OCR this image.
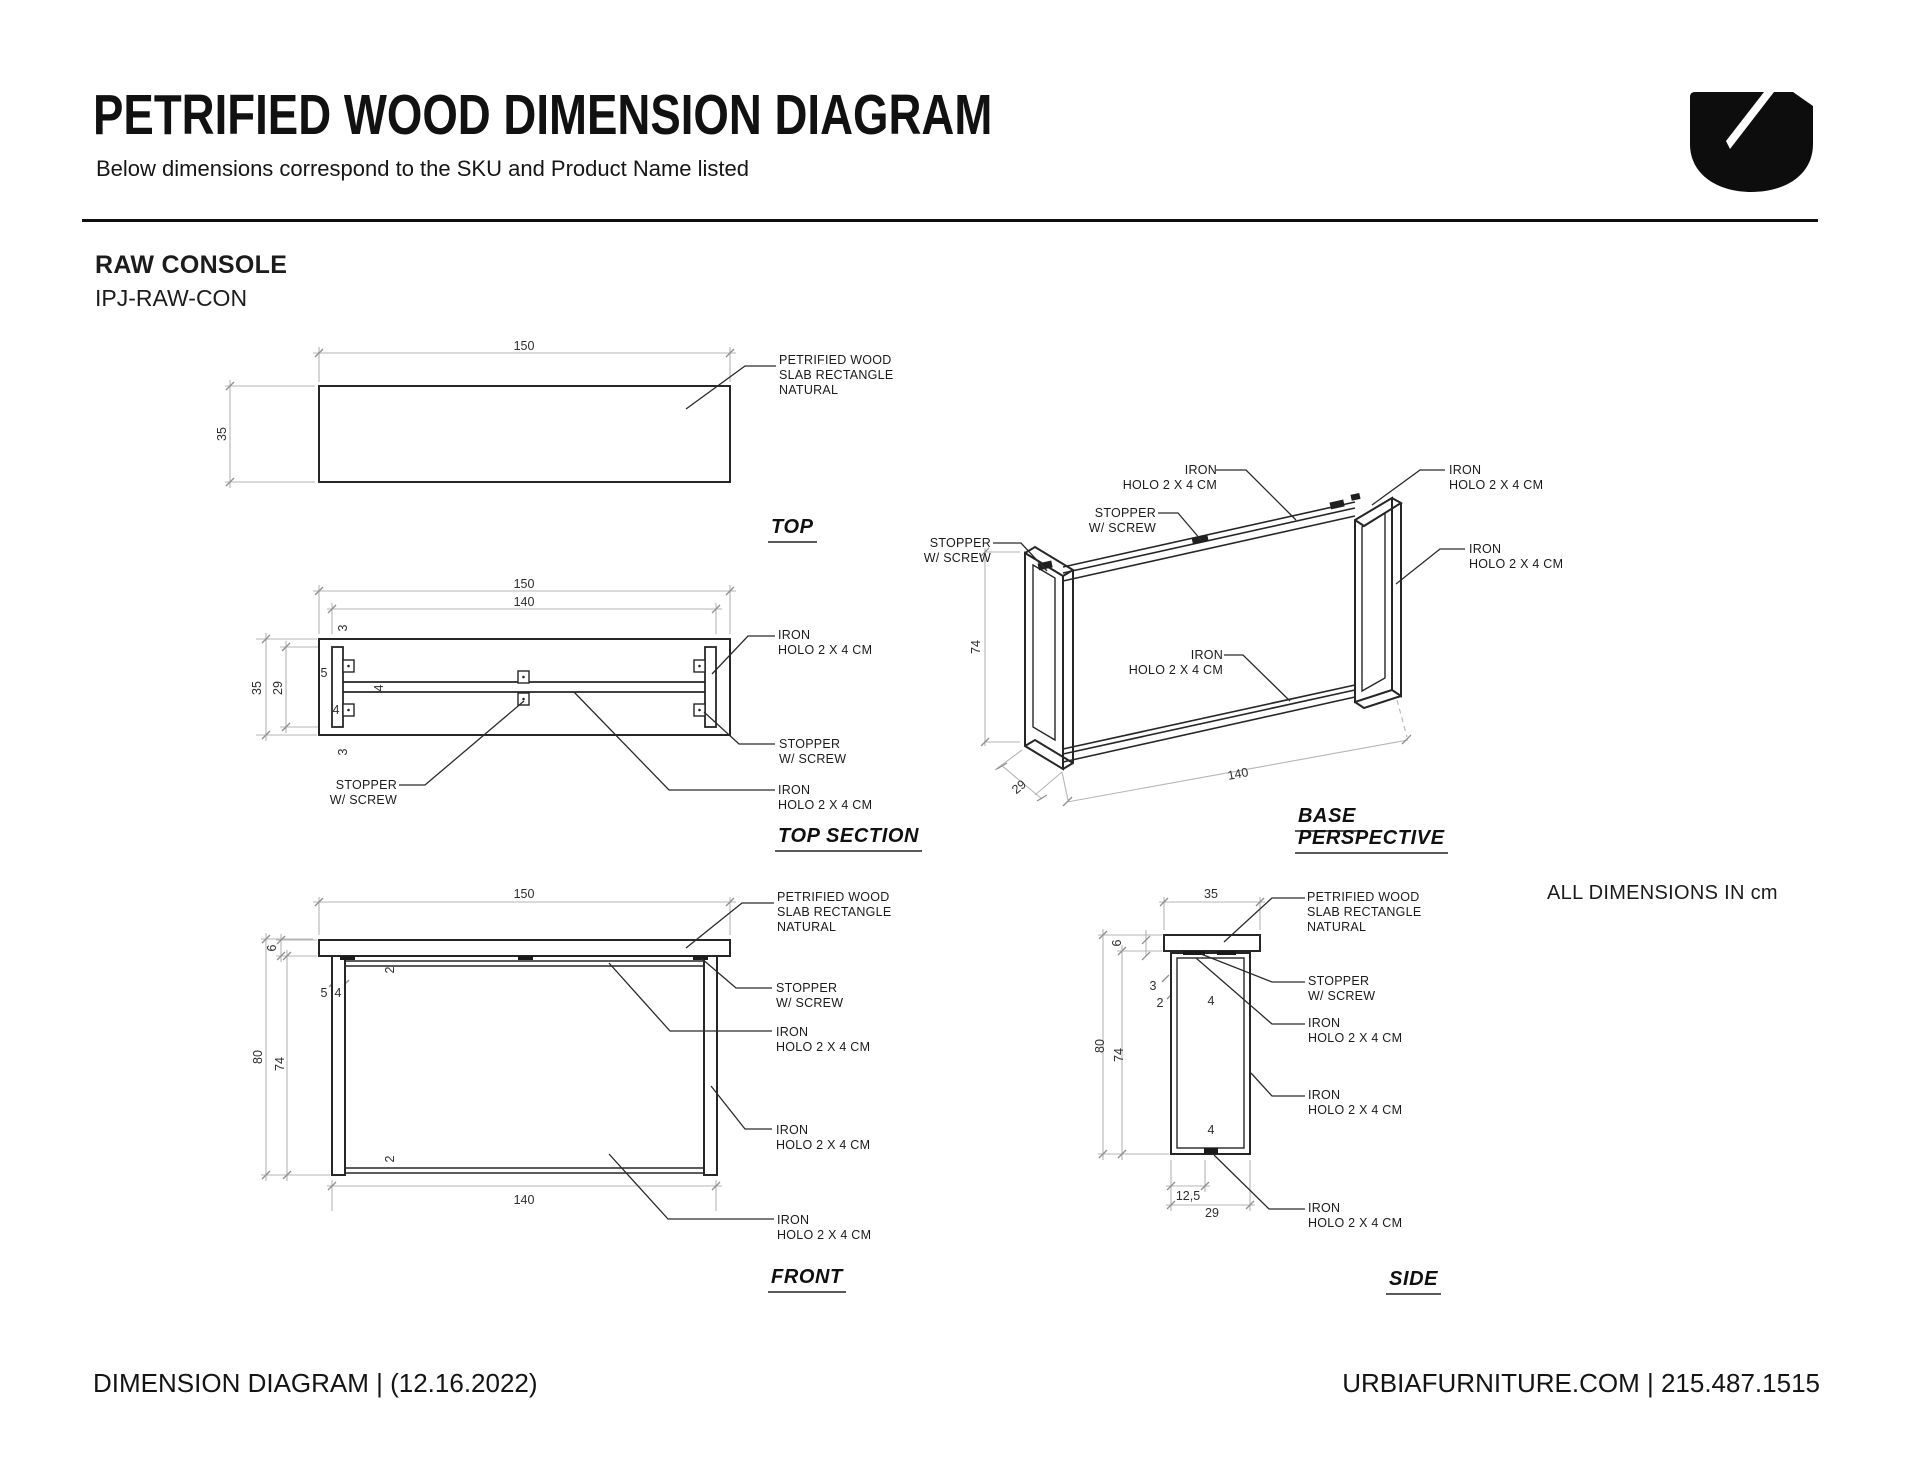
PETRIFIED WOOD DIMENSION DIAGRAM
Below dimensions correspond to the SKU and Product Name listed
RAW CONSOLE
IPJ-RAW-CON
150
35
PETRIFIED WOOD
SLAB RECTANGLE
NATURAL
TOP
150
140
3
5
4
4
29
35
3
IRON
HOLO 2 X 4 CM
STOPPER
W/ SCREW
IRON
HOLO 2 X 4 CM
STOPPER
W/ SCREW
TOP SECTION
74
29
140
IRON
HOLO 2 X 4 CM
IRON
HOLO 2 X 4 CM
STOPPER
W/ SCREW
STOPPER
W/ SCREW
IRON
HOLO 2 X 4 CM
IRON
HOLO 2 X 4 CM
BASE
PERSPECTIVE
150
6
80
74
5 4
2
2
140
PETRIFIED WOOD
SLAB RECTANGLE
NATURAL
STOPPER
W/ SCREW
IRON
HOLO 2 X 4 CM
IRON
HOLO 2 X 4 CM
IRON
HOLO 2 X 4 CM
FRONT
35
6
3
2	4
80
74
4
12,5
29
PETRIFIED WOOD
SLAB RECTANGLE
NATURAL
STOPPER
W/ SCREW
IRON
HOLO 2 X 4 CM
IRON
HOLO 2 X 4 CM
IRON
HOLO 2 X 4 CM
SIDE
ALL DIMENSIONS IN cm
DIMENSION DIAGRAM | (12.16.2022)	URBIAFURNITURE.COM | 215.487.1515
